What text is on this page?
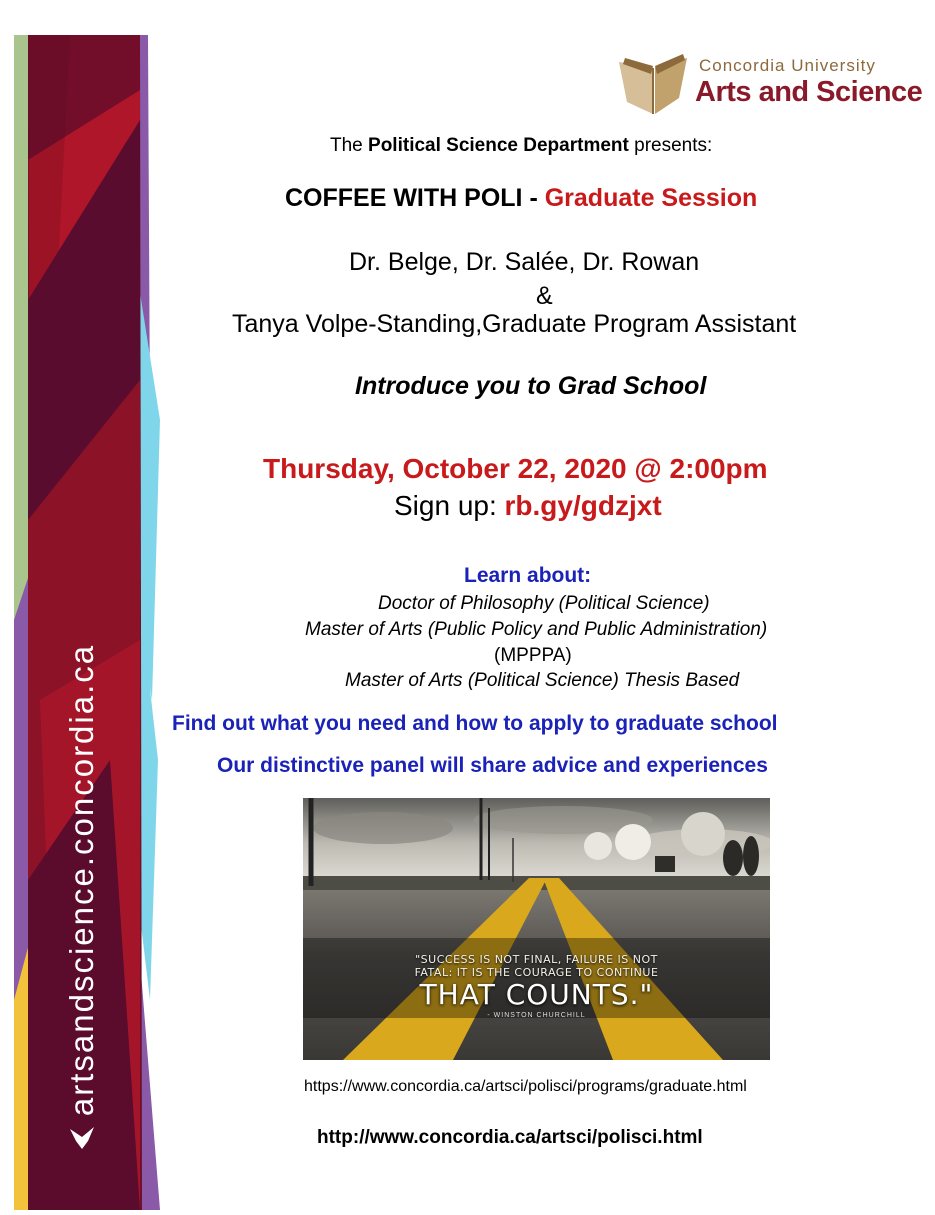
artsandscience.concordia.ca
Concordia University
Arts and Science
The Political Science Department presents:
COFFEE WITH POLI - Graduate Session
Dr. Belge, Dr. Salée, Dr. Rowan
&
Tanya Volpe-Standing,Graduate Program Assistant
Introduce you to Grad School
Thursday, October 22, 2020 @ 2:00pm
Sign up: rb.gy/gdzjxt
Learn about:
Doctor of Philosophy (Political Science)
Master of Arts (Public Policy and Public Administration)
(MPPPA)
Master of Arts (Political Science) Thesis Based
Find out what you need and how to apply to graduate school
Our distinctive panel will share advice and experiences
"SUCCESS IS NOT FINAL, FAILURE IS NOT
FATAL: IT IS THE COURAGE TO CONTINUE
THAT COUNTS."
- WINSTON CHURCHILL
https://www.concordia.ca/artsci/polisci/programs/graduate.html
http://www.concordia.ca/artsci/polisci.html
